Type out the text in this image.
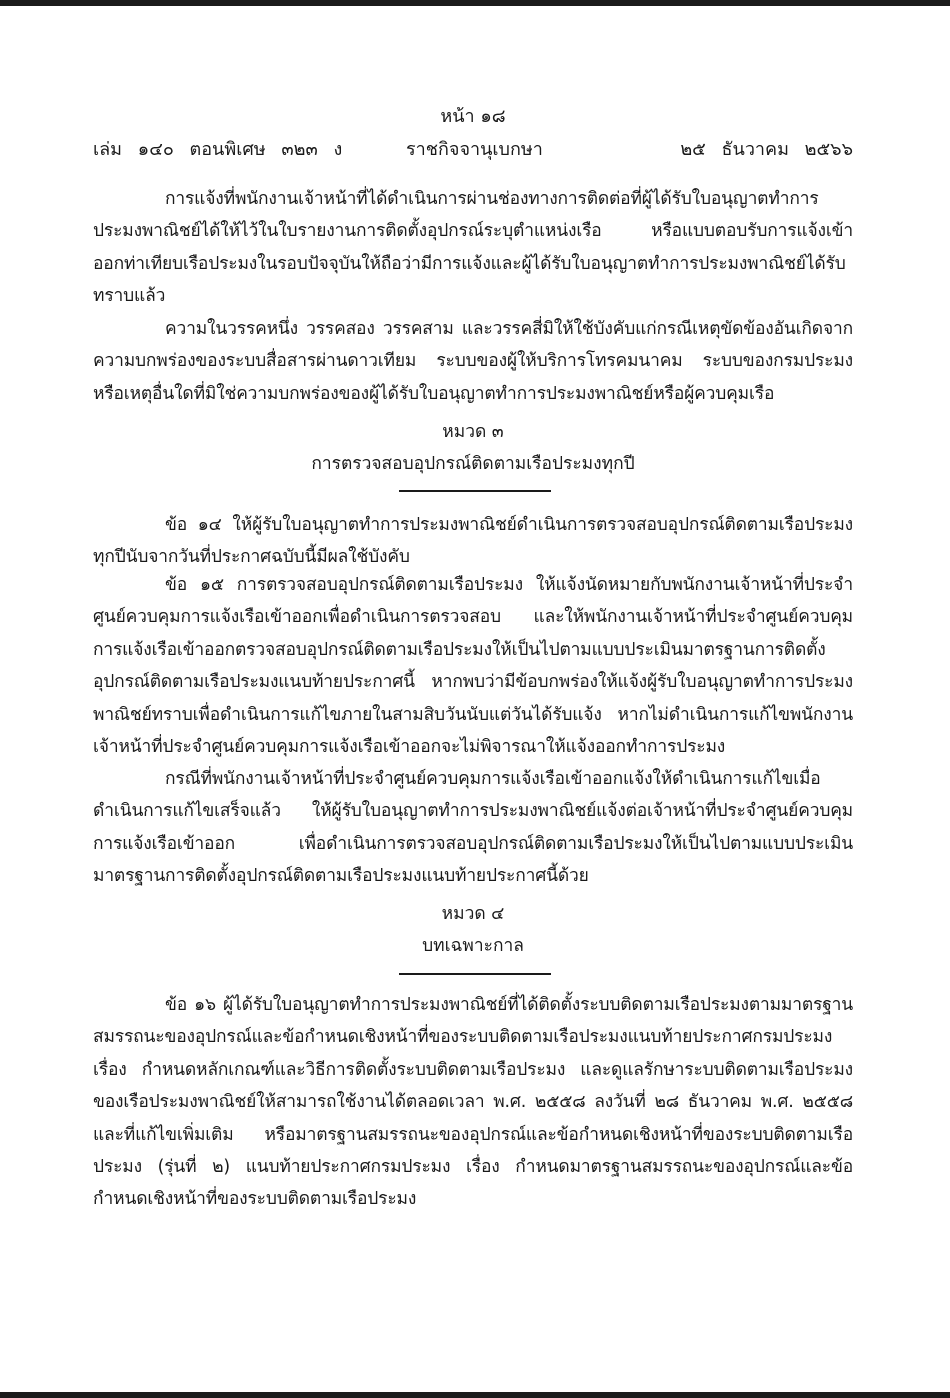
หน้า ๑๘
เล่ม ๑๔๐ ตอนพิเศษ ๓๒๓ ง	ราชกิจจานุเบกษา	๒๕ ธันวาคม ๒๕๖๖

การแจ้งที่พนักงานเจ้าหน้าที่ได้ดำเนินการผ่านช่องทางการติดต่อที่ผู้ได้รับใบอนุญาตทำการประมงพาณิชย์ได้ให้ไว้ในใบรายงานการติดตั้งอุปกรณ์ระบุตำแหน่งเรือ หรือแบบตอบรับการแจ้งเข้าออกท่าเทียบเรือประมงในรอบปัจจุบันให้ถือว่ามีการแจ้งและผู้ได้รับใบอนุญาตทำการประมงพาณิชย์ได้รับทราบแล้ว

ความในวรรคหนึ่ง วรรคสอง วรรคสาม และวรรคสี่มิให้ใช้บังคับแก่กรณีเหตุขัดข้องอันเกิดจากความบกพร่องของระบบสื่อสารผ่านดาวเทียม ระบบของผู้ให้บริการโทรคมนาคม ระบบของกรมประมงหรือเหตุอื่นใดที่มิใช่ความบกพร่องของผู้ได้รับใบอนุญาตทำการประมงพาณิชย์หรือผู้ควบคุมเรือ

หมวด ๓

การตรวจสอบอุปกรณ์ติดตามเรือประมงทุกปี

ข้อ ๑๔ ให้ผู้รับใบอนุญาตทำการประมงพาณิชย์ดำเนินการตรวจสอบอุปกรณ์ติดตามเรือประมงทุกปีนับจากวันที่ประกาศฉบับนี้มีผลใช้บังคับ

ข้อ ๑๕ การตรวจสอบอุปกรณ์ติดตามเรือประมง ให้แจ้งนัดหมายกับพนักงานเจ้าหน้าที่ประจำศูนย์ควบคุมการแจ้งเรือเข้าออกเพื่อดำเนินการตรวจสอบ และให้พนักงานเจ้าหน้าที่ประจำศูนย์ควบคุมการแจ้งเรือเข้าออกตรวจสอบอุปกรณ์ติดตามเรือประมงให้เป็นไปตามแบบประเมินมาตรฐานการติดตั้งอุปกรณ์ติดตามเรือประมงแนบท้ายประกาศนี้ หากพบว่ามีข้อบกพร่องให้แจ้งผู้รับใบอนุญาตทำการประมงพาณิชย์ทราบเพื่อดำเนินการแก้ไขภายในสามสิบวันนับแต่วันได้รับแจ้ง หากไม่ดำเนินการแก้ไขพนักงานเจ้าหน้าที่ประจำศูนย์ควบคุมการแจ้งเรือเข้าออกจะไม่พิจารณาให้แจ้งออกทำการประมง

กรณีที่พนักงานเจ้าหน้าที่ประจำศูนย์ควบคุมการแจ้งเรือเข้าออกแจ้งให้ดำเนินการแก้ไขเมื่อดำเนินการแก้ไขเสร็จแล้ว ให้ผู้รับใบอนุญาตทำการประมงพาณิชย์แจ้งต่อเจ้าหน้าที่ประจำศูนย์ควบคุมการแจ้งเรือเข้าออก เพื่อดำเนินการตรวจสอบอุปกรณ์ติดตามเรือประมงให้เป็นไปตามแบบประเมินมาตรฐานการติดตั้งอุปกรณ์ติดตามเรือประมงแนบท้ายประกาศนี้ด้วย

หมวด ๔

บทเฉพาะกาล

ข้อ ๑๖ ผู้ได้รับใบอนุญาตทำการประมงพาณิชย์ที่ได้ติดตั้งระบบติดตามเรือประมงตามมาตรฐานสมรรถนะของอุปกรณ์และข้อกำหนดเชิงหน้าที่ของระบบติดตามเรือประมงแนบท้ายประกาศกรมประมง เรื่อง กำหนดหลักเกณฑ์และวิธีการติดตั้งระบบติดตามเรือประมง และดูแลรักษาระบบติดตามเรือประมงของเรือประมงพาณิชย์ให้สามารถใช้งานได้ตลอดเวลา พ.ศ. ๒๕๕๘ ลงวันที่ ๒๘ ธันวาคม พ.ศ. ๒๕๕๘ และที่แก้ไขเพิ่มเติม หรือมาตรฐานสมรรถนะของอุปกรณ์และข้อกำหนดเชิงหน้าที่ของระบบติดตามเรือประมง (รุ่นที่ ๒) แนบท้ายประกาศกรมประมง เรื่อง กำหนดมาตรฐานสมรรถนะของอุปกรณ์และข้อกำหนดเชิงหน้าที่ของระบบติดตามเรือประมง
